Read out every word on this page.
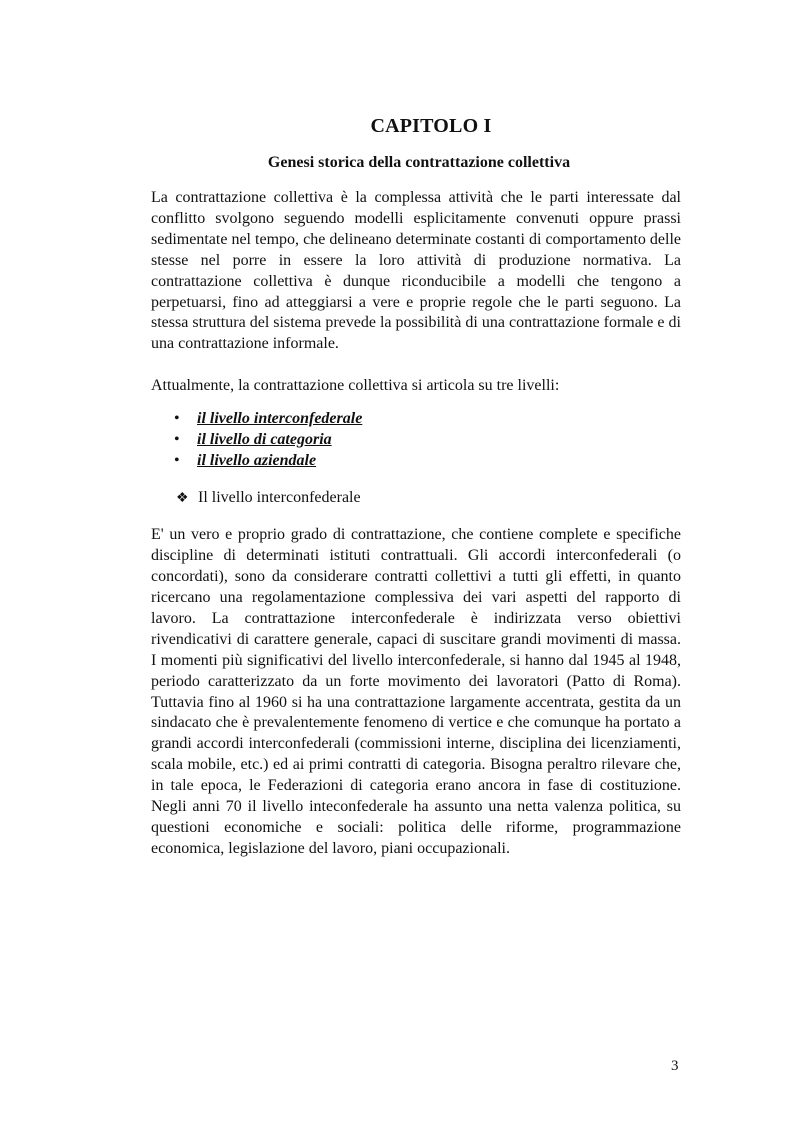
CAPITOLO I
Genesi storica della contrattazione collettiva

La contrattazione collettiva è la complessa attività che le parti interessate dal conflitto svolgono seguendo modelli esplicitamente convenuti oppure prassi sedimentate nel tempo, che delineano determinate costanti di comportamento delle stesse nel porre in essere la loro attività di produzione normativa. La contrattazione collettiva è dunque riconducibile a modelli che tengono a perpetuarsi, fino ad atteggiarsi a vere e proprie regole che le parti seguono. La stessa struttura del sistema prevede la possibilità di una contrattazione formale e di una contrattazione informale.

Attualmente, la contrattazione collettiva si articola su tre livelli:

• il livello interconfederale
• il livello di categoria
• il livello aziendale
❖ Il livello interconfederale

E' un vero e proprio grado di contrattazione, che contiene complete e specifiche discipline di determinati istituti contrattuali. Gli accordi interconfederali (o concordati), sono da considerare contratti collettivi a tutti gli effetti, in quanto ricercano una regolamentazione complessiva dei vari aspetti del rapporto di lavoro. La contrattazione interconfederale è indirizzata verso obiettivi rivendicativi di carattere generale, capaci di suscitare grandi movimenti di massa. I momenti più significativi del livello interconfederale, si hanno dal 1945 al 1948, periodo caratterizzato da un forte movimento dei lavoratori (Patto di Roma). Tuttavia fino al 1960 si ha una contrattazione largamente accentrata, gestita da un sindacato che è prevalentemente fenomeno di vertice e che comunque ha portato a grandi accordi interconfederali (commissioni interne, disciplina dei licenziamenti, scala mobile, etc.) ed ai primi contratti di categoria. Bisogna peraltro rilevare che, in tale epoca, le Federazioni di categoria erano ancora in fase di costituzione. Negli anni 70 il livello inteconfederale ha assunto una netta valenza politica, su questioni economiche e sociali: politica delle riforme, programmazione economica, legislazione del lavoro, piani occupazionali.

3
